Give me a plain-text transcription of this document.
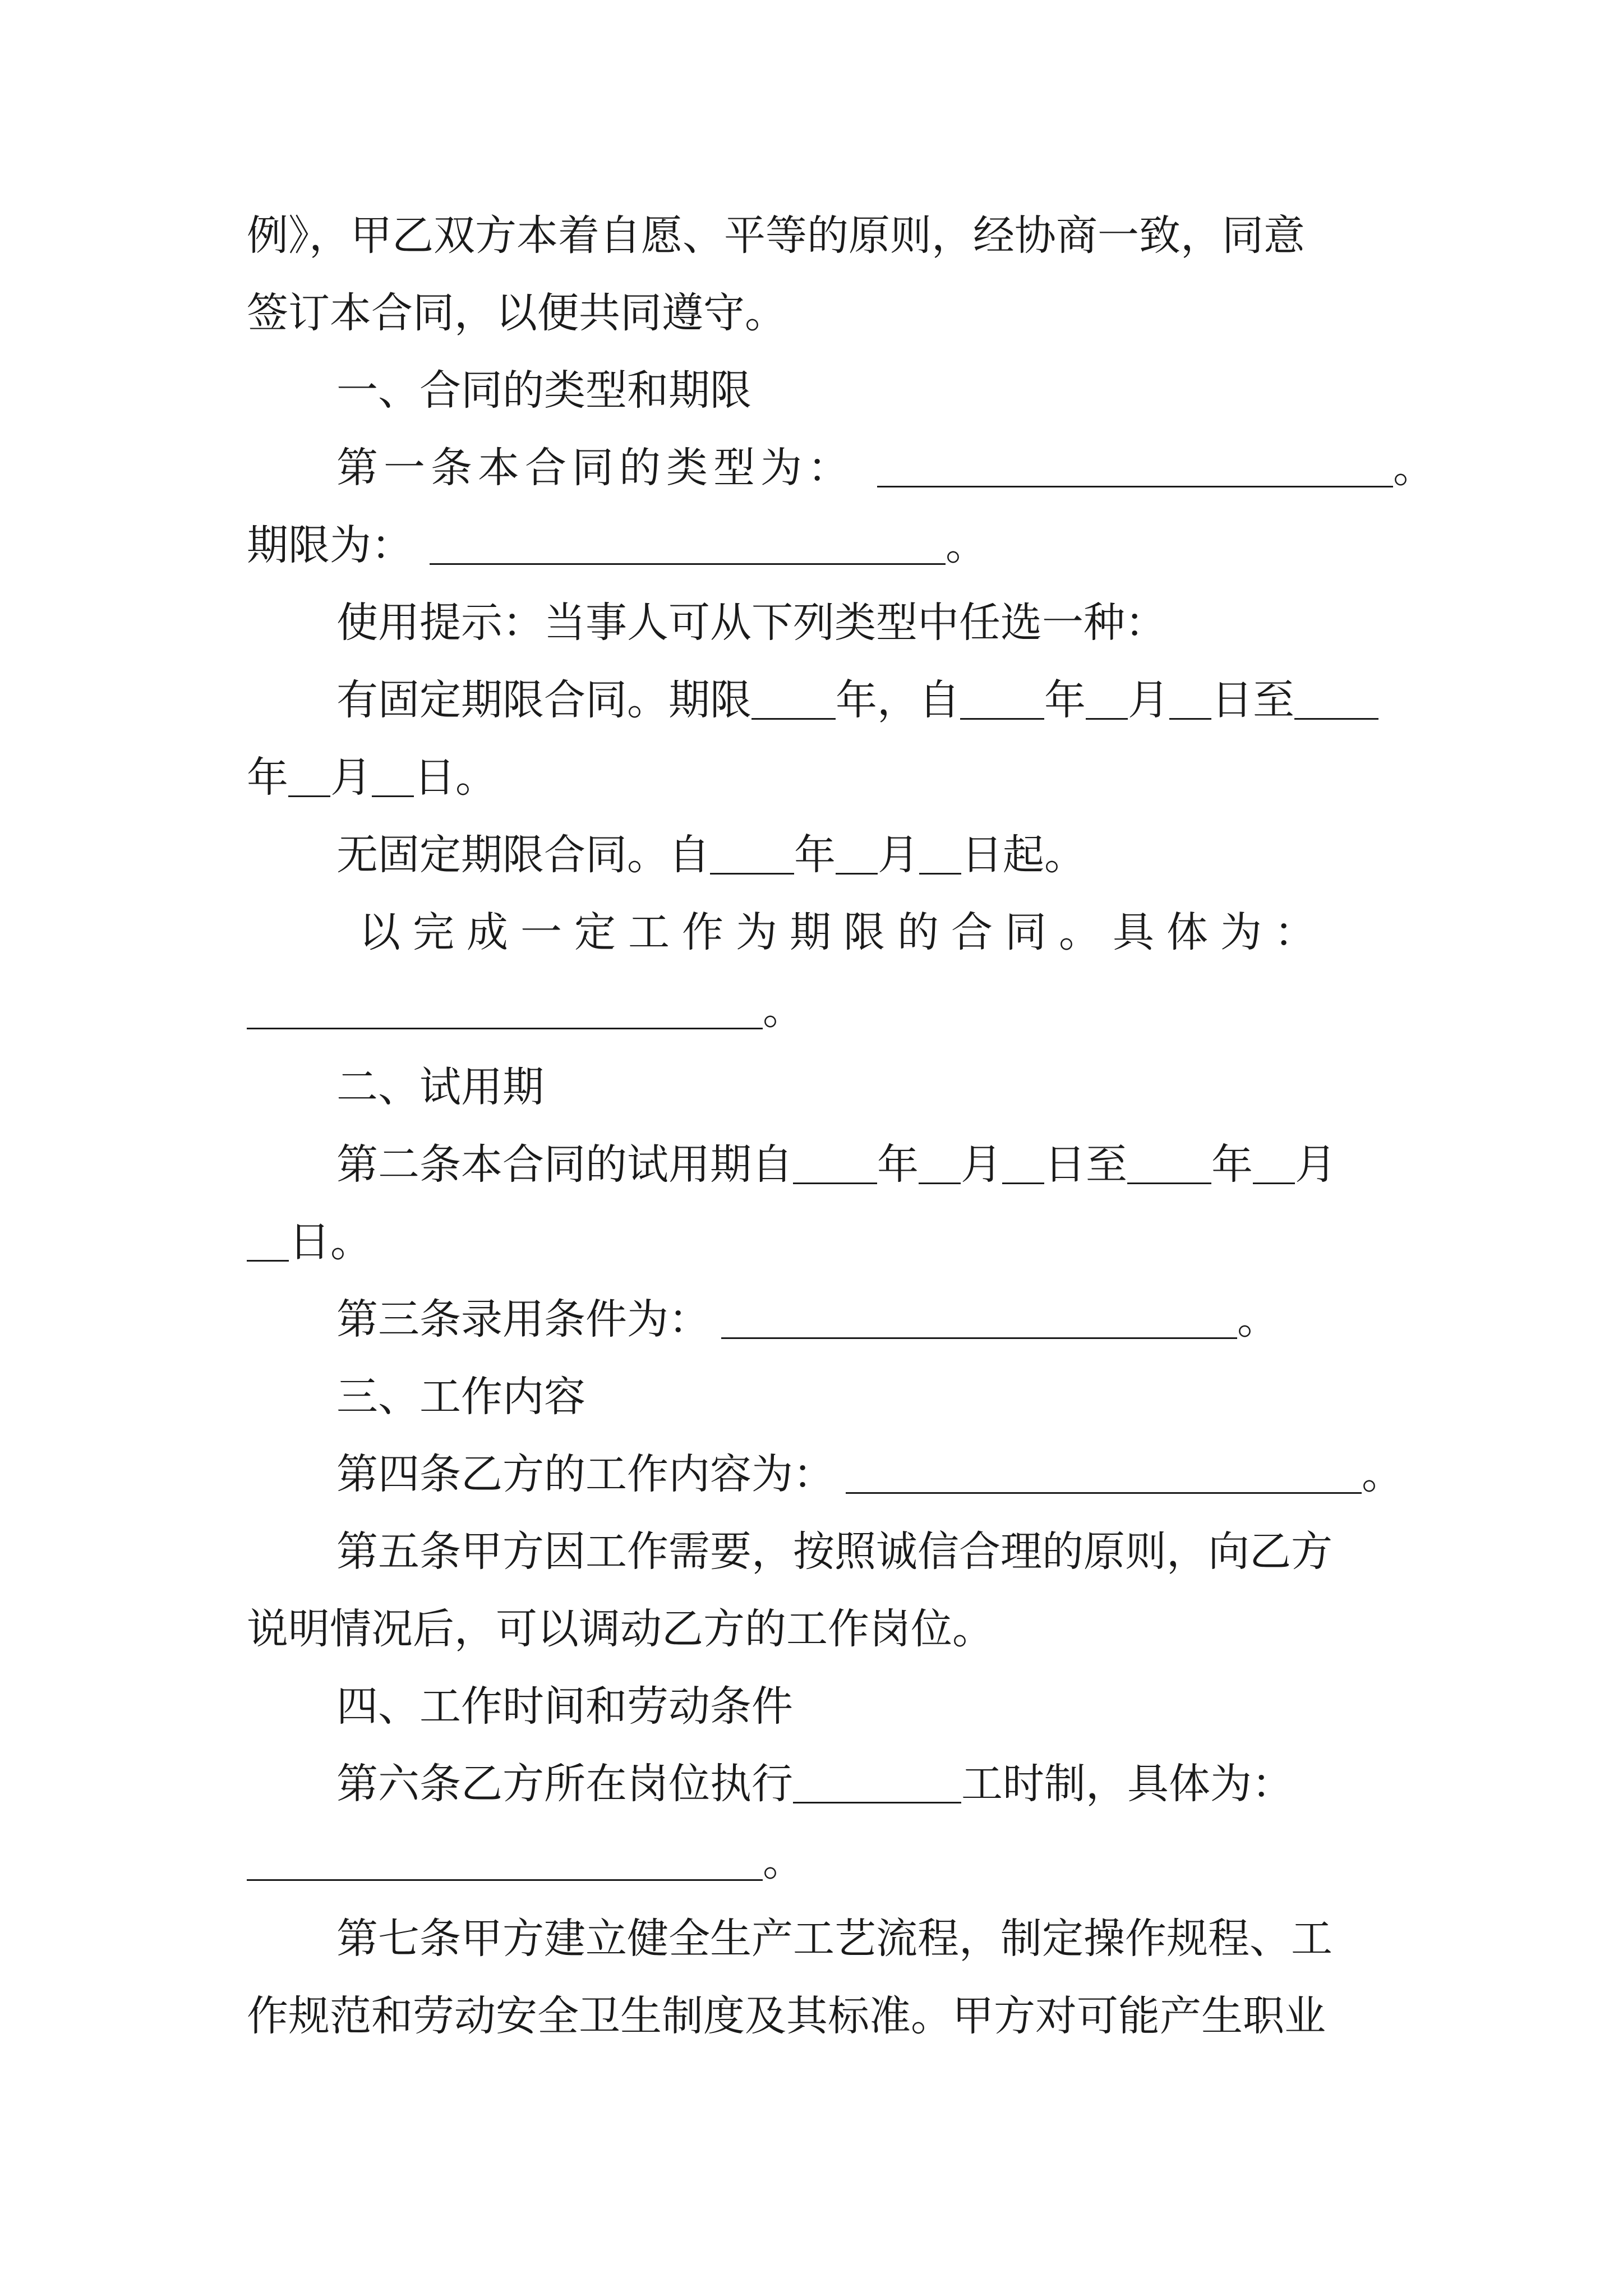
例》，甲乙双方本着自愿、平等的原则，经协商一致，同意
签订本合同，以便共同遵守。
一、合同的类型和期限
第一条本合同的类型为：	。
期限为：	。
使用提示：当事人可从下列类型中任选一种：
有固定期限合同。期限 年，自 年 月 日至
年 月 日。
无固定期限合同。自 年 月 日起。
以完成一定工作为期限的合同。具体为：
。
二、试用期
第二条本合同的试用期自 年 月 日至 年 月
日。
第三条录用条件为：	。
三、工作内容
第四条乙方的工作内容为：	。
第五条甲方因工作需要，按照诚信合理的原则，向乙方
说明情况后，可以调动乙方的工作岗位。
四、工作时间和劳动条件
第六条乙方所在岗位执行	工时制，具体为：
。
第七条甲方建立健全生产工艺流程，制定操作规程、工
作规范和劳动安全卫生制度及其标准。甲方对可能产生职业
